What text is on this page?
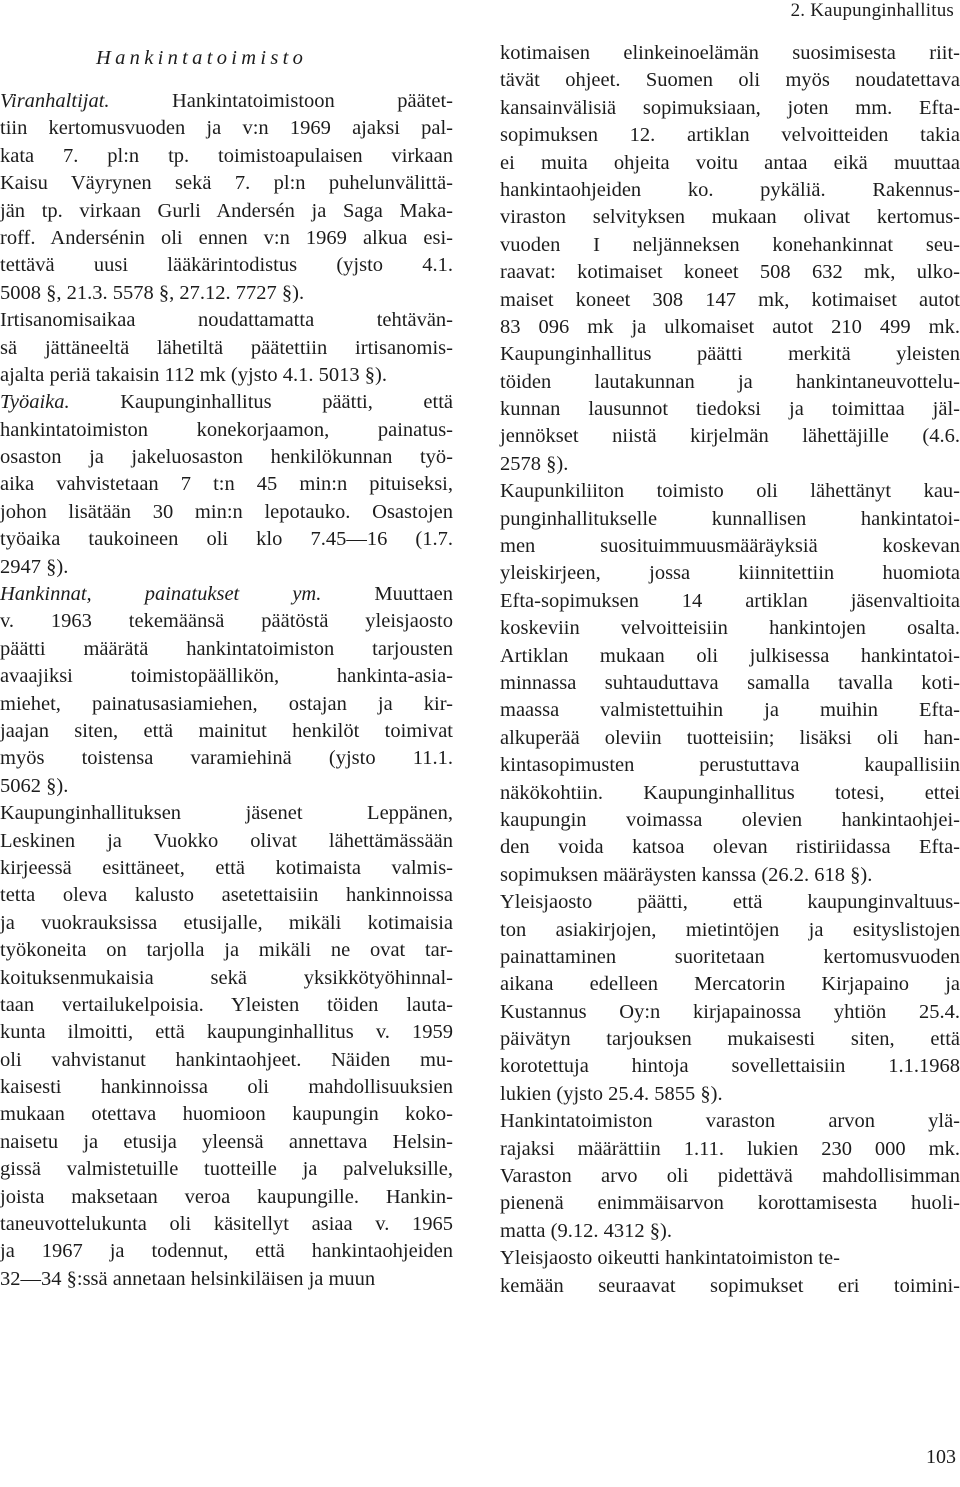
2. Kaupunginhallitus
Hankintatoimisto
Viranhaltijat. Hankintatoimistoon päätet-
tiin kertomusvuoden ja v:n 1969 ajaksi pal-
kata 7. pl:n tp. toimistoapulaisen virkaan
Kaisu Väyrynen sekä 7. pl:n puhelunvälittä-
jän tp. virkaan Gurli Andersén ja Saga Maka-
roff. Andersénin oli ennen v:n 1969 alkua esi-
tettävä uusi lääkärintodistus (yjsto 4.1.
5008 §, 21.3. 5578 §, 27.12. 7727 §).
Irtisanomisaikaa noudattamatta tehtävän-
sä jättäneeltä lähetiltä päätettiin irtisanomis-
ajalta periä takaisin 112 mk (yjsto 4.1. 5013 §).
Työaika. Kaupunginhallitus päätti, että
hankintatoimiston konekorjaamon, painatus-
osaston ja jakeluosaston henkilökunnan työ-
aika vahvistetaan 7 t:n 45 min:n pituiseksi,
johon lisätään 30 min:n lepotauko. Osastojen
työaika taukoineen oli klo 7.45—16 (1.7.
2947 §).
Hankinnat, painatukset ym. Muuttaen
v. 1963 tekemäänsä päätöstä yleisjaosto
päätti määrätä hankintatoimiston tarjousten
avaajiksi toimistopäällikön, hankinta-asia-
miehet, painatusasiamiehen, ostajan ja kir-
jaajan siten, että mainitut henkilöt toimivat
myös toistensa varamiehinä (yjsto 11.1.
5062 §).
Kaupunginhallituksen jäsenet Leppänen,
Leskinen ja Vuokko olivat lähettämässään
kirjeessä esittäneet, että kotimaista valmis-
tetta oleva kalusto asetettaisiin hankinnoissa
ja vuokrauksissa etusijalle, mikäli kotimaisia
työkoneita on tarjolla ja mikäli ne ovat tar-
koituksenmukaisia sekä yksikkötyöhinnal-
taan vertailukelpoisia. Yleisten töiden lauta-
kunta ilmoitti, että kaupunginhallitus v. 1959
oli vahvistanut hankintaohjeet. Näiden mu-
kaisesti hankinnoissa oli mahdollisuuksien
mukaan otettava huomioon kaupungin koko-
naisetu ja etusija yleensä annettava Helsin-
gissä valmistetuille tuotteille ja palveluksille,
joista maksetaan veroa kaupungille. Hankin-
taneuvottelukunta oli käsitellyt asiaa v. 1965
ja 1967 ja todennut, että hankintaohjeiden
32—34 §:ssä annetaan helsinkiläisen ja muun
kotimaisen elinkeinoelämän suosimisesta riit-
tävät ohjeet. Suomen oli myös noudatettava
kansainvälisiä sopimuksiaan, joten mm. Efta-
sopimuksen 12. artiklan velvoitteiden takia
ei muita ohjeita voitu antaa eikä muuttaa
hankintaohjeiden ko. pykäliä. Rakennus-
viraston selvityksen mukaan olivat kertomus-
vuoden I neljänneksen konehankinnat seu-
raavat: kotimaiset koneet 508 632 mk, ulko-
maiset koneet 308 147 mk, kotimaiset autot
83 096 mk ja ulkomaiset autot 210 499 mk.
Kaupunginhallitus päätti merkitä yleisten
töiden lautakunnan ja hankintaneuvottelu-
kunnan lausunnot tiedoksi ja toimittaa jäl-
jennökset niistä kirjelmän lähettäjille (4.6.
2578 §).
Kaupunkiliiton toimisto oli lähettänyt kau-
punginhallitukselle kunnallisen hankintatoi-
men suosituimmuusmääräyksiä koskevan
yleiskirjeen, jossa kiinnitettiin huomiota
Efta-sopimuksen 14 artiklan jäsenvaltioita
koskeviin velvoitteisiin hankintojen osalta.
Artiklan mukaan oli julkisessa hankintatoi-
minnassa suhtauduttava samalla tavalla koti-
maassa valmistettuihin ja muihin Efta-
alkuperää oleviin tuotteisiin; lisäksi oli han-
kintasopimusten perustuttava kaupallisiin
näkökohtiin. Kaupunginhallitus totesi, ettei
kaupungin voimassa olevien hankintaohjei-
den voida katsoa olevan ristiriidassa Efta-
sopimuksen määräysten kanssa (26.2. 618 §).
Yleisjaosto päätti, että kaupunginvaltuus-
ton asiakirjojen, mietintöjen ja esityslistojen
painattaminen suoritetaan kertomusvuoden
aikana edelleen Mercatorin Kirjapaino ja
Kustannus Oy:n kirjapainossa yhtiön 25.4.
päivätyn tarjouksen mukaisesti siten, että
korotettuja hintoja sovellettaisiin 1.1.1968
lukien (yjsto 25.4. 5855 §).
Hankintatoimiston varaston arvon ylä-
rajaksi määrättiin 1.11. lukien 230 000 mk.
Varaston arvo oli pidettävä mahdollisimman
pienenä enimmäisarvon korottamisesta huoli-
matta (9.12. 4312 §).
Yleisjaosto oikeutti hankintatoimiston te-
kemään seuraavat sopimukset eri toimini-
103
